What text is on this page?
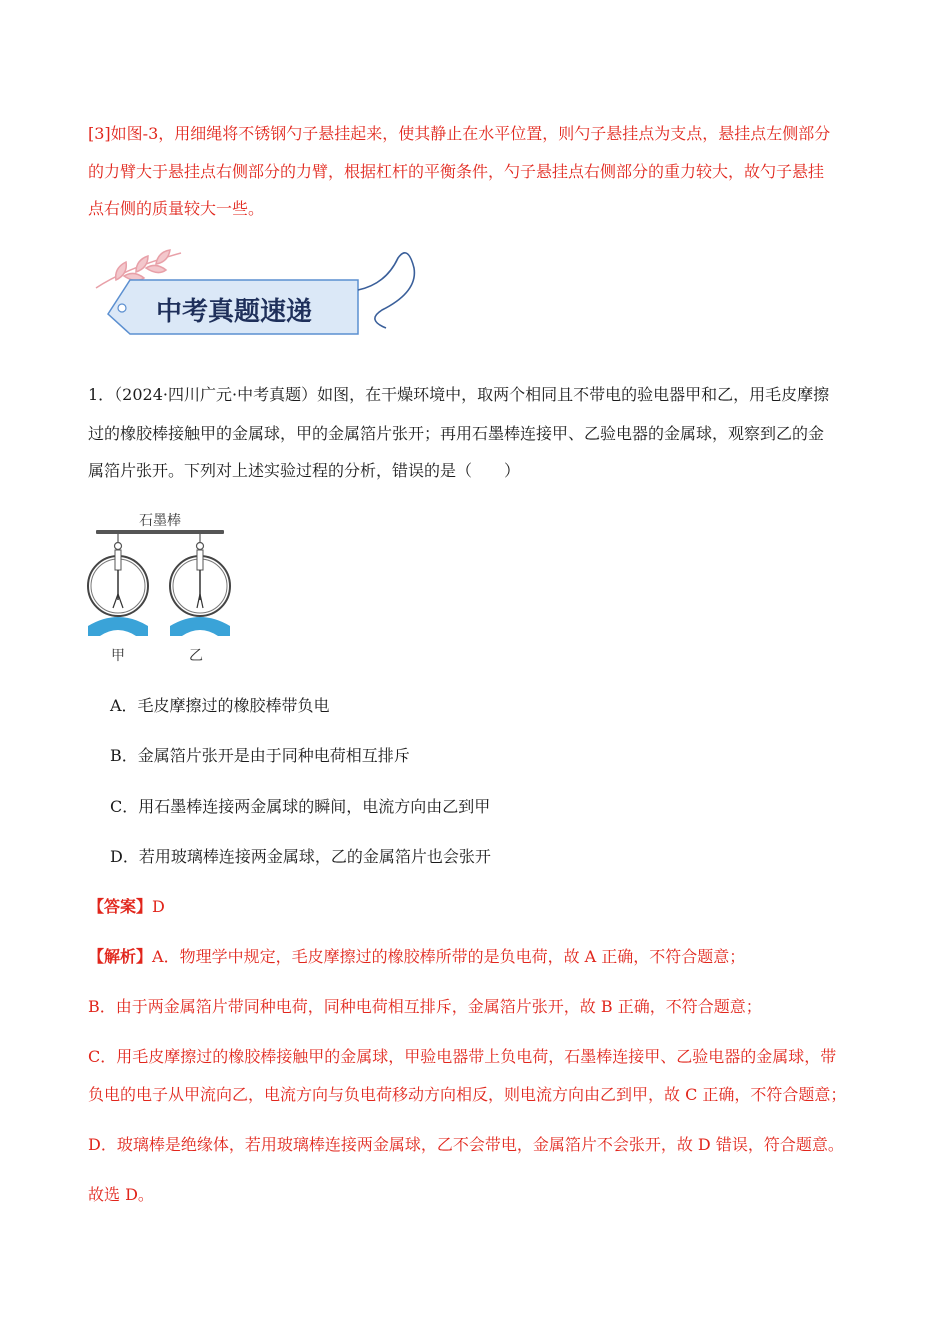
[3]如图-3，用细绳将不锈钢勺子悬挂起来，使其静止在水平位置，则勺子悬挂点为支点，悬挂点左侧部分
的力臂大于悬挂点右侧部分的力臂，根据杠杆的平衡条件，勺子悬挂点右侧部分的重力较大，故勺子悬挂
点右侧的质量较大一些。
中考真题速递
1．（2024·四川广元·中考真题）如图，在干燥环境中，取两个相同且不带电的验电器甲和乙，用毛皮摩擦
过的橡胶棒接触甲的金属球，甲的金属箔片张开；再用石墨棒连接甲、乙验电器的金属球，观察到乙的金
属箔片张开。下列对上述实验过程的分析，错误的是（　　）
石墨棒
甲	乙
A．毛皮摩擦过的橡胶棒带负电
B．金属箔片张开是由于同种电荷相互排斥
C．用石墨棒连接两金属球的瞬间，电流方向由乙到甲
D．若用玻璃棒连接两金属球，乙的金属箔片也会张开
【答案】D
【解析】A．物理学中规定，毛皮摩擦过的橡胶棒所带的是负电荷，故 A 正确，不符合题意；
B．由于两金属箔片带同种电荷，同种电荷相互排斥，金属箔片张开，故 B 正确，不符合题意；
C．用毛皮摩擦过的橡胶棒接触甲的金属球，甲验电器带上负电荷，石墨棒连接甲、乙验电器的金属球，带
负电的电子从甲流向乙，电流方向与负电荷移动方向相反，则电流方向由乙到甲，故 C 正确，不符合题意；
D．玻璃棒是绝缘体，若用玻璃棒连接两金属球，乙不会带电，金属箔片不会张开，故 D 错误，符合题意。
故选 D。
